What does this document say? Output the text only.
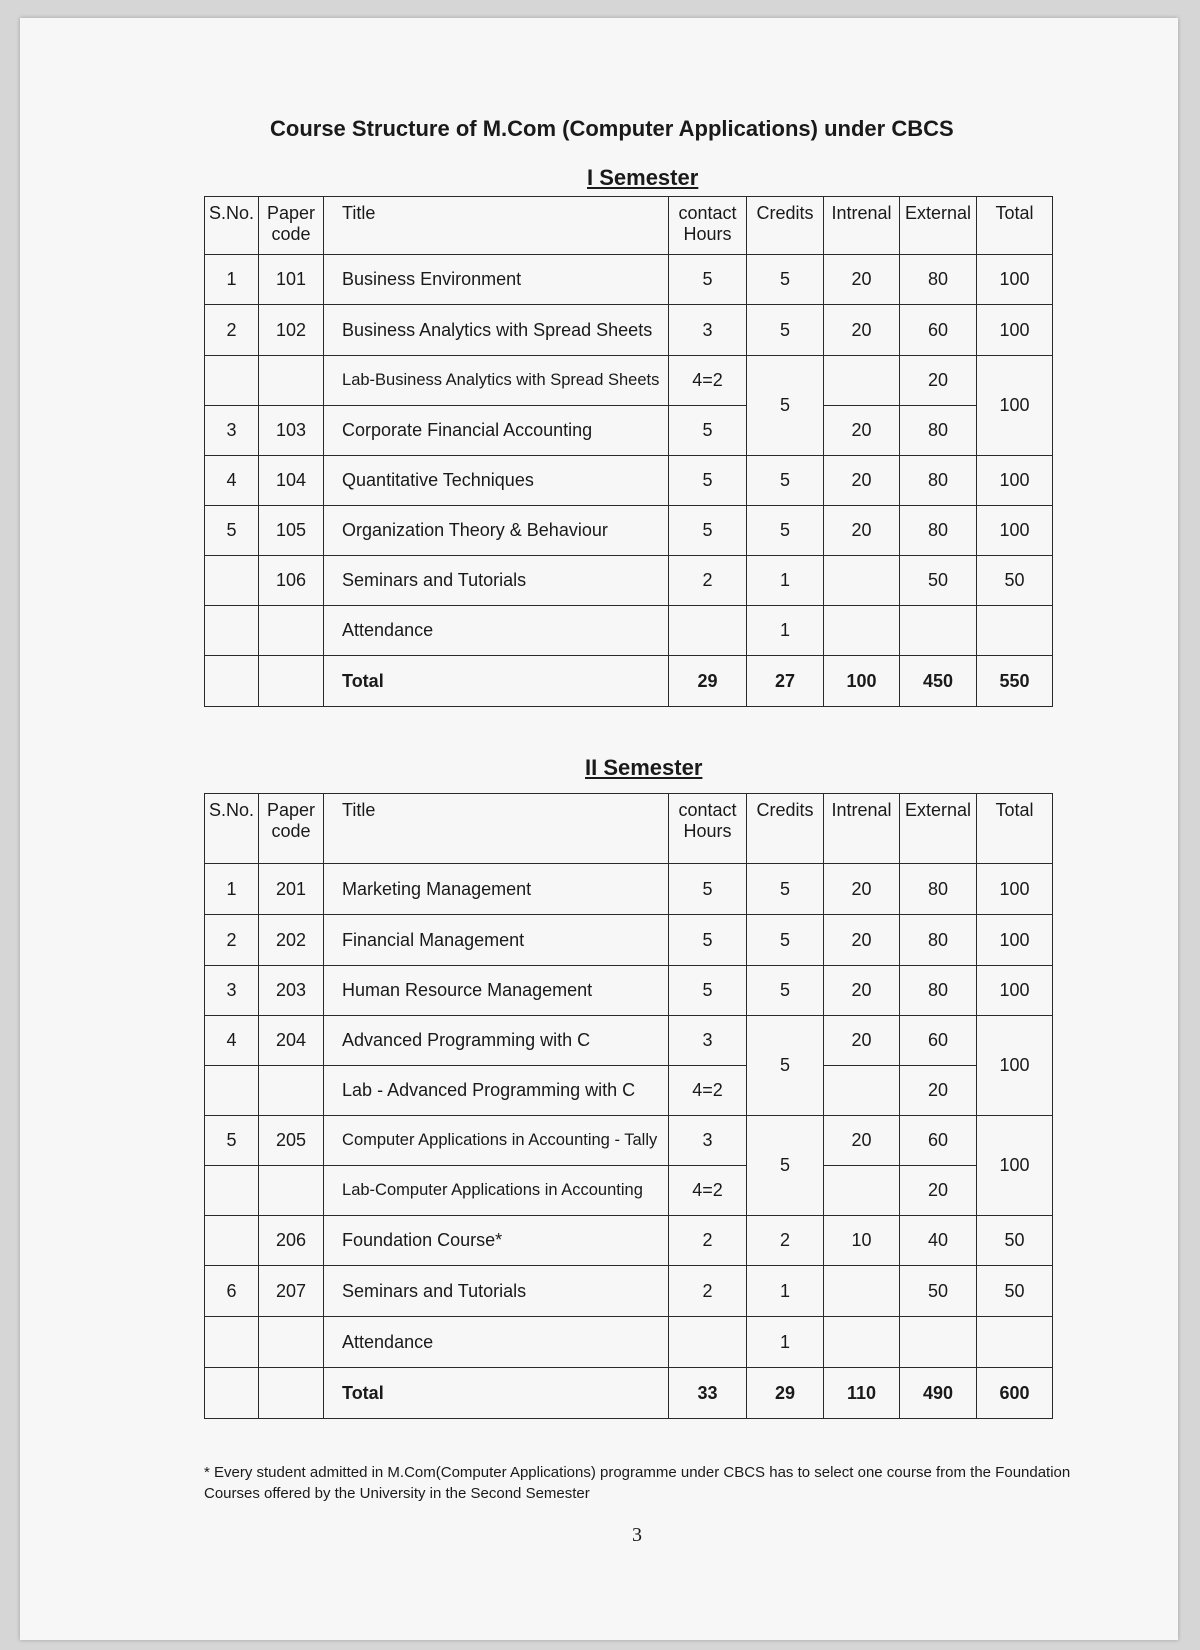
Course Structure of M.Com (Computer Applications) under CBCS
I Semester
S.No.	Paper code	Title	contact Hours	Credits	Intrenal	External	Total
1	101	Business Environment	5	5	20	80	100
2	102	Business Analytics with Spread Sheets	3	5	20	60	100
		Lab-Business Analytics with Spread Sheets	4=2	5		20	100
3	103	Corporate Financial Accounting	5		20	80	
4	104	Quantitative Techniques	5	5	20	80	100
5	105	Organization Theory & Behaviour	5	5	20	80	100
	106	Seminars and Tutorials	2	1		50	50
		Attendance		1			
		Total	29	27	100	450	550
II Semester
S.No.	Paper code	Title	contact Hours	Credits	Intrenal	External	Total
1	201	Marketing Management	5	5	20	80	100
2	202	Financial Management	5	5	20	80	100
3	203	Human Resource Management	5	5	20	80	100
4	204	Advanced Programming with C	3	5	20	60	100
		Lab - Advanced Programming with C	4=2			20	
5	205	Computer Applications in Accounting - Tally	3	5	20	60	100
		Lab-Computer Applications in Accounting	4=2			20	
	206	Foundation Course*	2	2	10	40	50
6	207	Seminars and Tutorials	2	1		50	50
		Attendance		1			
		Total	33	29	110	490	600
* Every student admitted in M.Com(Computer Applications) programme under CBCS has to select one course from the Foundation Courses offered by the University in the Second Semester
3
